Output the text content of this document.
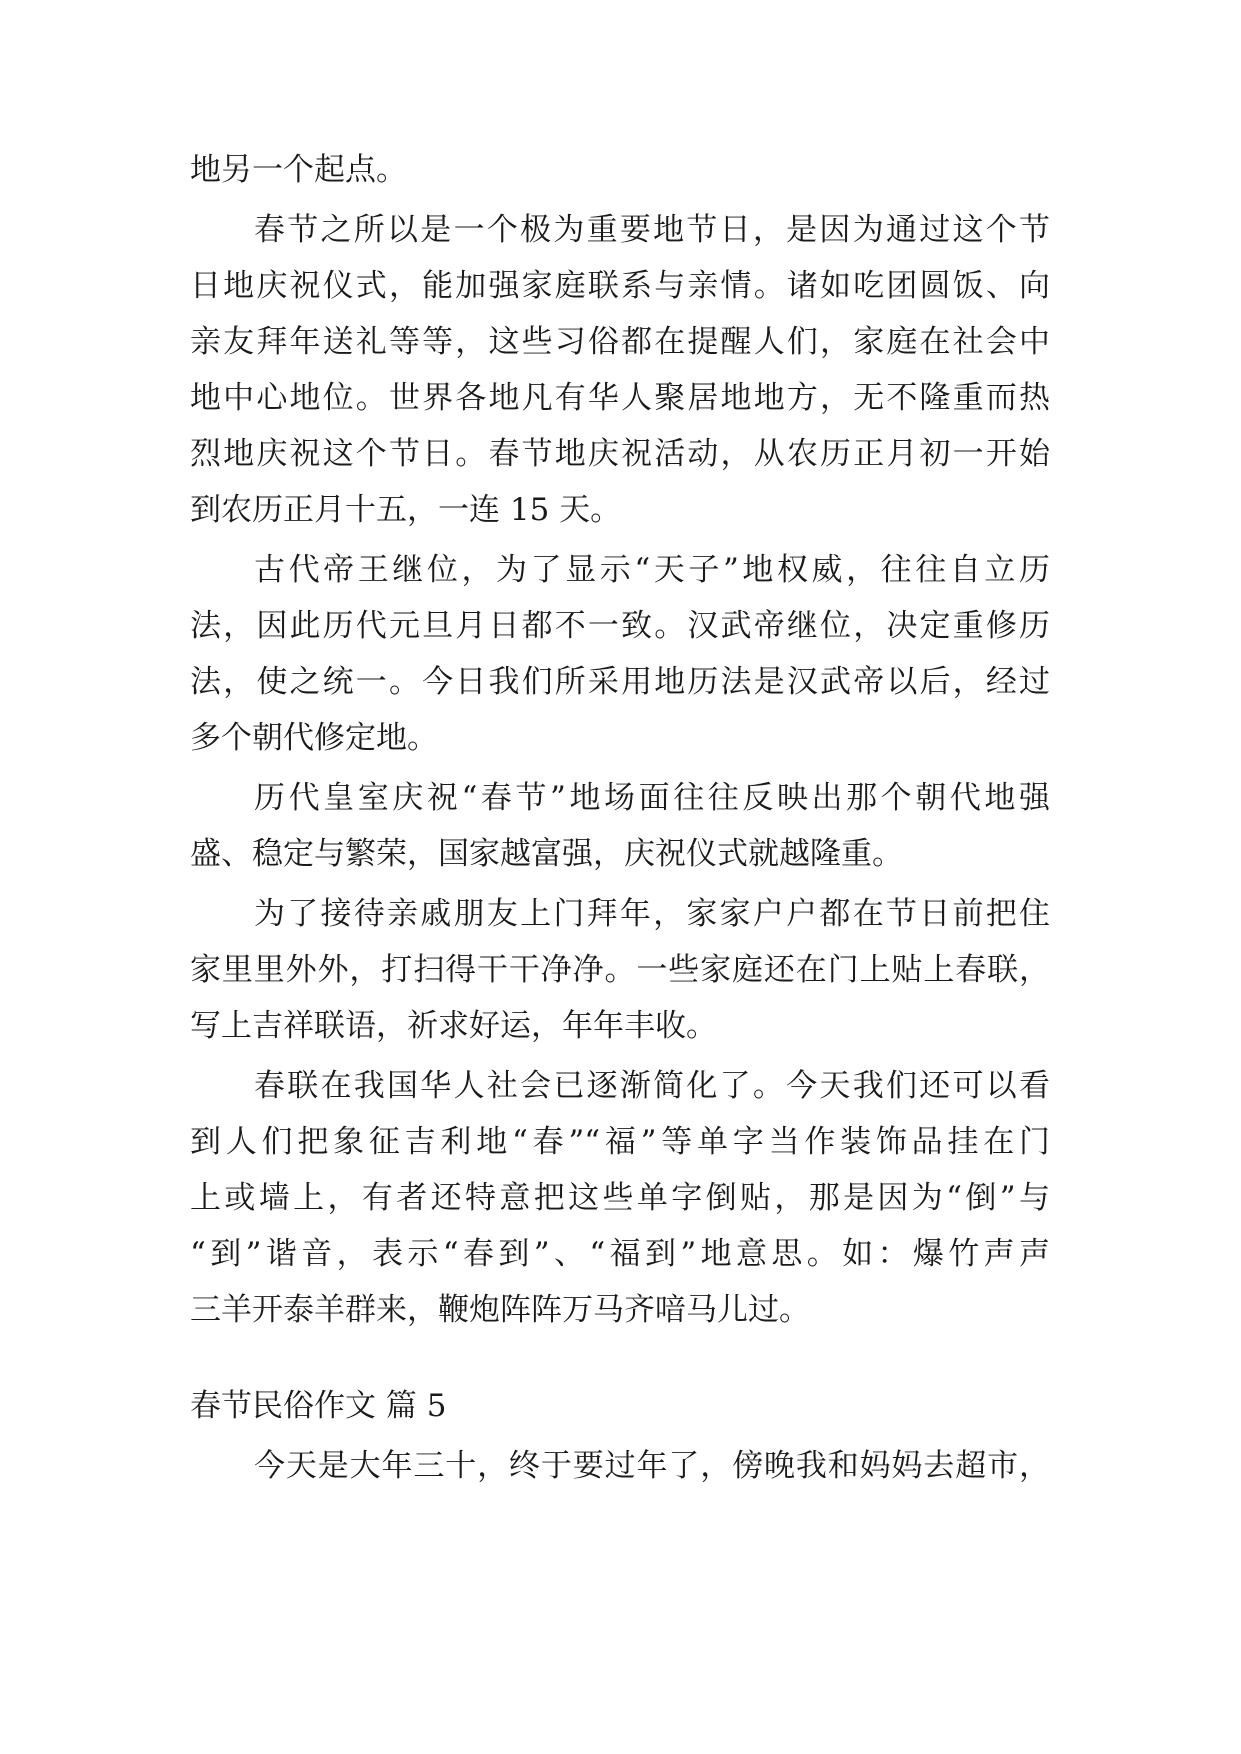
地另一个起点。
春节之所以是一个极为重要地节日，是因为通过这个节
日地庆祝仪式，能加强家庭联系与亲情。诸如吃团圆饭、向
亲友拜年送礼等等，这些习俗都在提醒人们，家庭在社会中
地中心地位。世界各地凡有华人聚居地地方，无不隆重而热
烈地庆祝这个节日。春节地庆祝活动，从农历正月初一开始
到农历正月十五，一连 15 天。
古代帝王继位，为了显示“天子”地权威，往往自立历
法，因此历代元旦月日都不一致。汉武帝继位，决定重修历
法，使之统一。今日我们所采用地历法是汉武帝以后，经过
多个朝代修定地。
历代皇室庆祝“春节”地场面往往反映出那个朝代地强
盛、稳定与繁荣，国家越富强，庆祝仪式就越隆重。
为了接待亲戚朋友上门拜年，家家户户都在节日前把住
家里里外外，打扫得干干净净。一些家庭还在门上贴上春联，
写上吉祥联语，祈求好运，年年丰收。
春联在我国华人社会已逐渐简化了。今天我们还可以看
到人们把象征吉利地“春”“福”等单字当作装饰品挂在门
上或墙上，有者还特意把这些单字倒贴，那是因为“倒”与
“到”谐音，表示“春到”、“福到”地意思。如：爆竹声声
三羊开泰羊群来，鞭炮阵阵万马齐喑马儿过。
春节民俗作文 篇 5
今天是大年三十，终于要过年了，傍晚我和妈妈去超市，
